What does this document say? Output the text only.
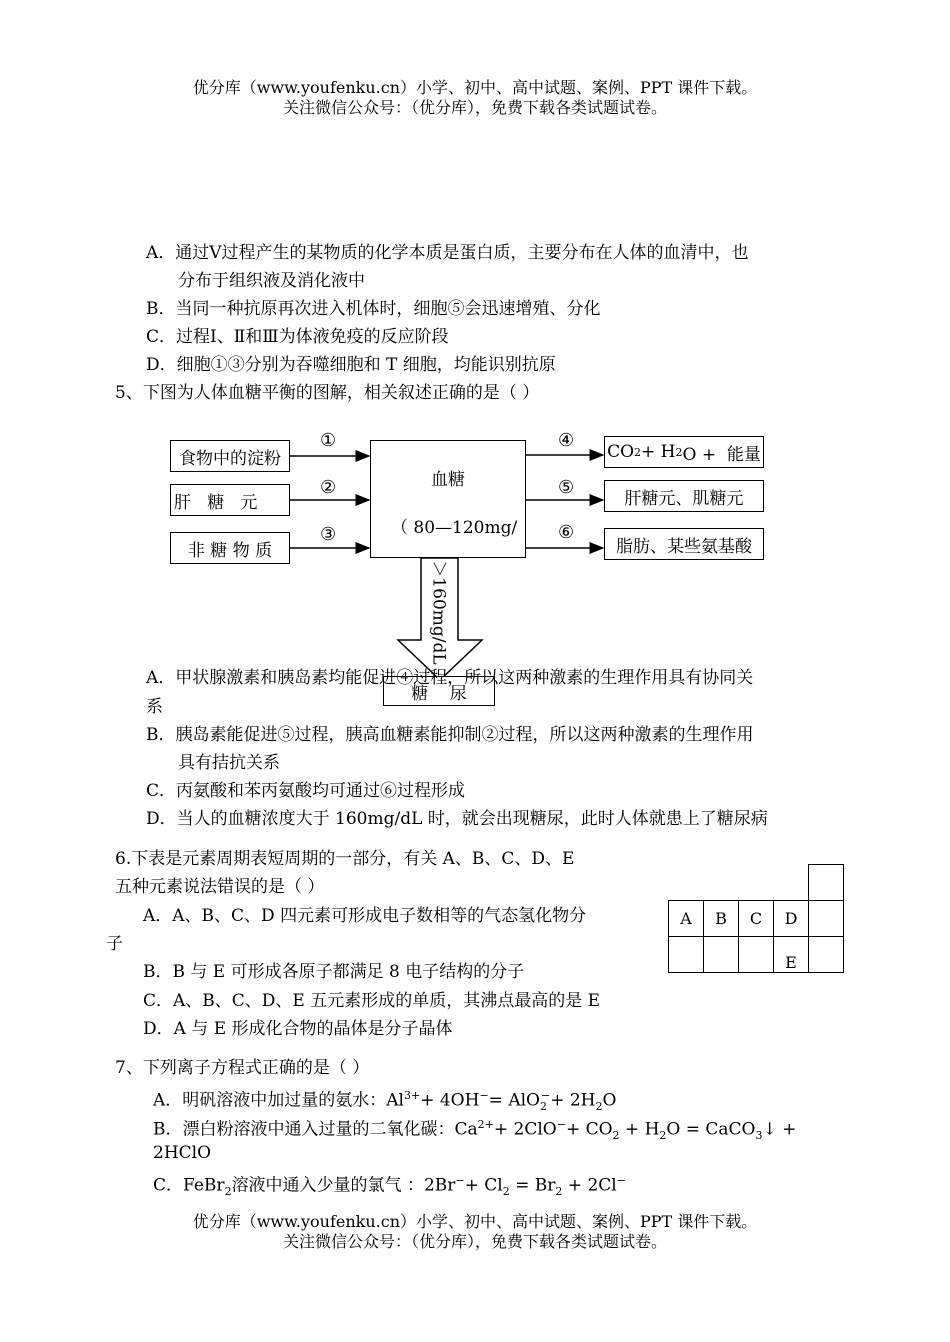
优分库（www.youfenku.cn）小学、初中、高中试题、案例、PPT 课件下载。
关注微信公众号：（优分库），免费下载各类试题试卷。
A．通过Ⅴ过程产生的某物质的化学本质是蛋白质，主要分布在人体的血清中，也
分布于组织液及消化液中
B．当同一种抗原再次进入机体时，细胞⑤会迅速增殖、分化
C．过程Ⅰ、Ⅱ和Ⅲ为体液免疫的反应阶段
D．细胞①③分别为吞噬细胞和 T 细胞，均能识别抗原
5、下图为人体血糖平衡的图解，相关叙述正确的是（ ）
食物中的淀粉
肝   糖   元
非 糖 物 质
①
②
③
④
⑤
⑥
血糖
（ 80—120mg/
CO 2 + H 2 O +  能量
肝糖元、肌糖元
脂肪、某些氨基酸
＞160mg/dL
糖    尿
A．甲状腺激素和胰岛素均能促进④过程，所以这两种激素的生理作用具有协同关
系
B．胰岛素能促进⑤过程，胰高血糖素能抑制②过程，所以这两种激素的生理作用
具有拮抗关系
C．丙氨酸和苯丙氨酸均可通过⑥过程形成
D．当人的血糖浓度大于 160mg/dL 时，就会出现糖尿，此时人体就患上了糖尿病
6.下表是元素周期表短周期的一部分，有关 A、B、C、D、E
五种元素说法错误的是（ ）
A．A、B、C、D 四元素可形成电子数相等的气态氢化物分
子
B．B 与 E 可形成各原子都满足 8 电子结构的分子
C．A、B、C、D、E 五元素形成的单质，其沸点最高的是 E
D．A 与 E 形成化合物的晶体是分子晶体

A	B	C	D	
			E	
7、下列离子方程式正确的是（ ）
A．明矾溶液中加过量的氨水：$Al^{3+}+ 4OH^-= AlO_2^-+ 2H_2O$
B．漂白粉溶液中通入过量的二氧化碳：$Ca^{2+}+ 2ClO^-+ CO_2 + H_2O$ = CaCO$_3$↓ +
2HClO
C．FeBr$_2$溶液中通入少量的氯气 ：$2Br^-+ Cl_2 = Br_2 + 2Cl^-$
优分库（www.youfenku.cn）小学、初中、高中试题、案例、PPT 课件下载。
关注微信公众号：（优分库），免费下载各类试题试卷。
